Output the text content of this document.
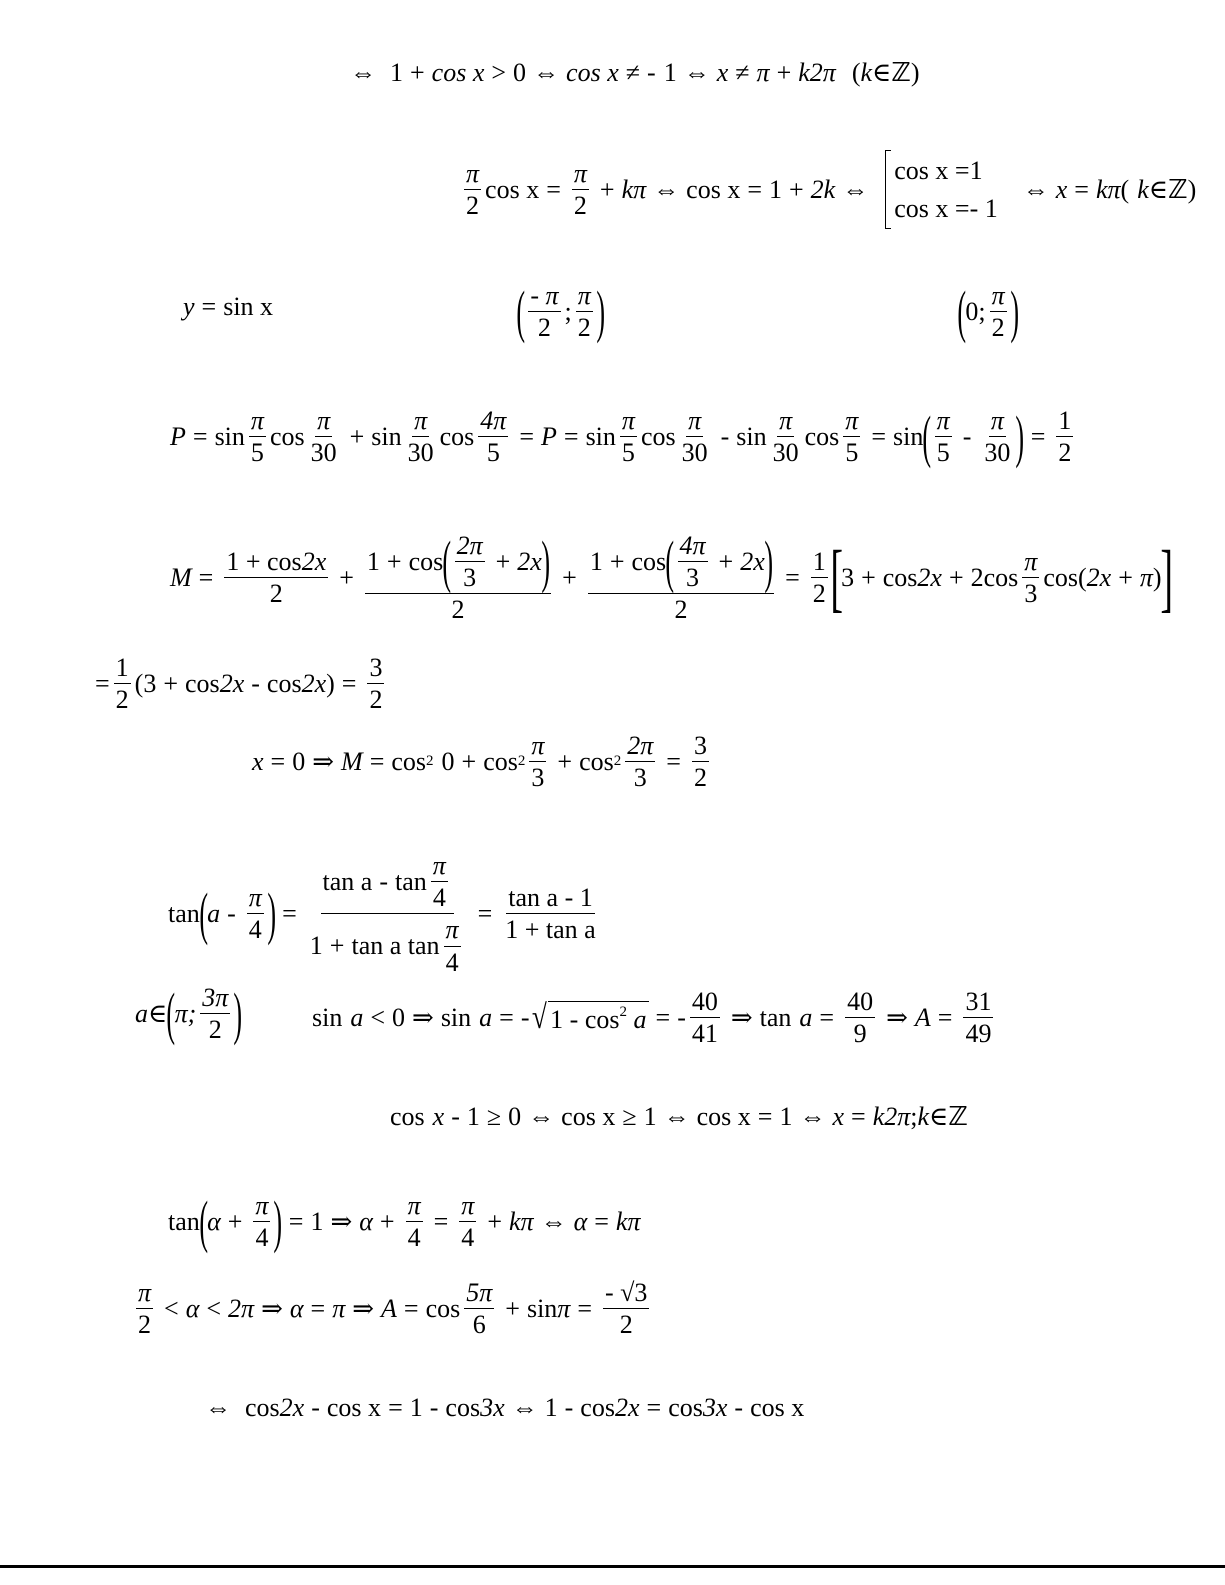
⇔ 1 + cos x > 0 ⇔ cos x ≠ - 1 ⇔ x ≠ π + k2π ( k ∈ ℤ )
$\frac{\pi}{2}$ $\cos x = \frac{\pi}{2} + k\pi$ ⇔ cos x = 1 + 2k ⇔
cos x =1
cos x =- 1
⇔ x = kπ ( k ∈ ℤ )
y = sin x	( $\frac{- \pi}{2}$ ; $\frac{\pi}{2}$ )	( 0; $\frac{\pi}{2}$ )
$P = \sin \frac{\pi}{5}$ $\cos \frac{\pi}{30} + \sin \frac{\pi}{30}$ $\cos \frac{4\pi}{5} = P = \sin \frac{\pi}{5}$ $\cos \frac{\pi}{30}$ - $\sin \frac{\pi}{30}$ $\cos \frac{\pi}{5} = \sin$ ( $\frac{\pi}{5} - \frac{\pi}{30}$ ) = $\frac{1}{2}$
$M = \frac{1 + \cos 2x}{2} + \frac{1 + \cos ( \frac{2\pi}{3} + 2x )}{2} + \frac{1 + \cos ( \frac{4\pi}{3} + 2x )}{2} = \frac{1}{2}$ [
3 + cos 2x + 2 $\cos \frac{\pi}{3}$ cos ( 2x + π )
]
= $\frac{1}{2}$ ( 3 + cos 2x - cos 2x ) = $\frac{3}{2}$
x = 0 ⇒ M = cos 2 $0 + \cos 2 \frac{\pi}{3} + \cos 2 \frac{2\pi}{3} = \frac{3}{2}$
tan ( a - $\frac{\pi}{4}$ ) = $\frac{\tan a - \tan \frac{\pi}{4}}{1 + \tan a \tan \frac{\pi}{4}} = \frac{\text{tan a - 1}}{\text{1 + tan a}}$
a ∈ ( π; $\frac{3\pi}{2}$ )	sin a < 0 ⇒ sin a = - √ $1 - \cos^2 a$ = - $\frac{40}{41}$ ⇒ $\tan a = \frac{40}{9}$ ⇒ $A = \frac{31}{49}$
cos x - 1 ≥ 0 ⇔ cos x ≥ 1 ⇔ cos x = 1 ⇔ x = k2π ; k ∈ ℤ
tan ( $\alpha + \frac{\pi}{4}$ ) = 1 ⇒ $\alpha + \frac{\pi}{4} = \frac{\pi}{4} + k\pi$ ⇔ α = kπ
$\frac{\pi}{2} < \alpha < 2\pi$ ⇒ α = π ⇒ $A = \cos \frac{5\pi}{6} + \sin \pi = \frac{- √3}{2}$
⇔ cos 2x - cos x = 1 - cos 3x ⇔ 1 - cos 2x = cos 3x - cos x
